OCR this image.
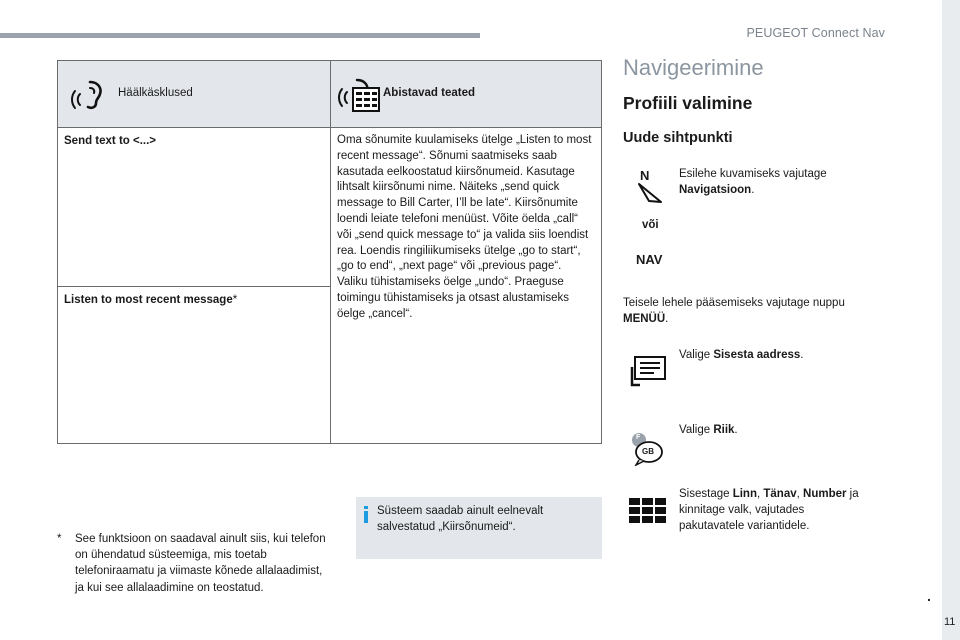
PEUGEOT Connect Nav
.
11
Häälkäsklused	Abistavad teated

Send text to <...>	Oma sõnumite kuulamiseks ütelge „Listen to most recent message“. Sõnumi saatmiseks saab kasutada eelkoostatud kiirsõnumeid. Kasutage lihtsalt kiirsõnumi nime. Näiteks „send quick message to Bill Carter, I’ll be late“. Kiirsõnumite loendi leiate telefoni menüüst. Võite öelda „call“ või „send quick message to“ ja valida siis loendist rea. Loendis ringiliikumiseks ütelge „go to start“, „go to end“, „next page“ või „previous page“. Valiku tühistamiseks öelge „undo“. Praeguse toimingu tühistamiseks ja otsast alustamiseks öelge „cancel“.
Listen to most recent message*	
* See funktsioon on saadaval ainult siis, kui telefon on ühendatud süsteemiga, mis toetab telefoniraamatu ja viimaste kõnede allalaadimist, ja kui see allalaadimine on teostatud.
Süsteem saadab ainult eelnevalt salvestatud „Kiirsõnumeid“.
Navigeerimine
Profiili valimine
Uude sihtpunkti
N	Esilehe kuvamiseks vajutage Navigatsioon.
või
NAV
Teisele lehele pääsemiseks vajutage nuppu MENÜÜ.
Valige Sisesta aadress.
F
GB
Valige Riik.
Sisestage Linn, Tänav, Number ja kinnitage valk, vajutades pakutavatele variantidele.
